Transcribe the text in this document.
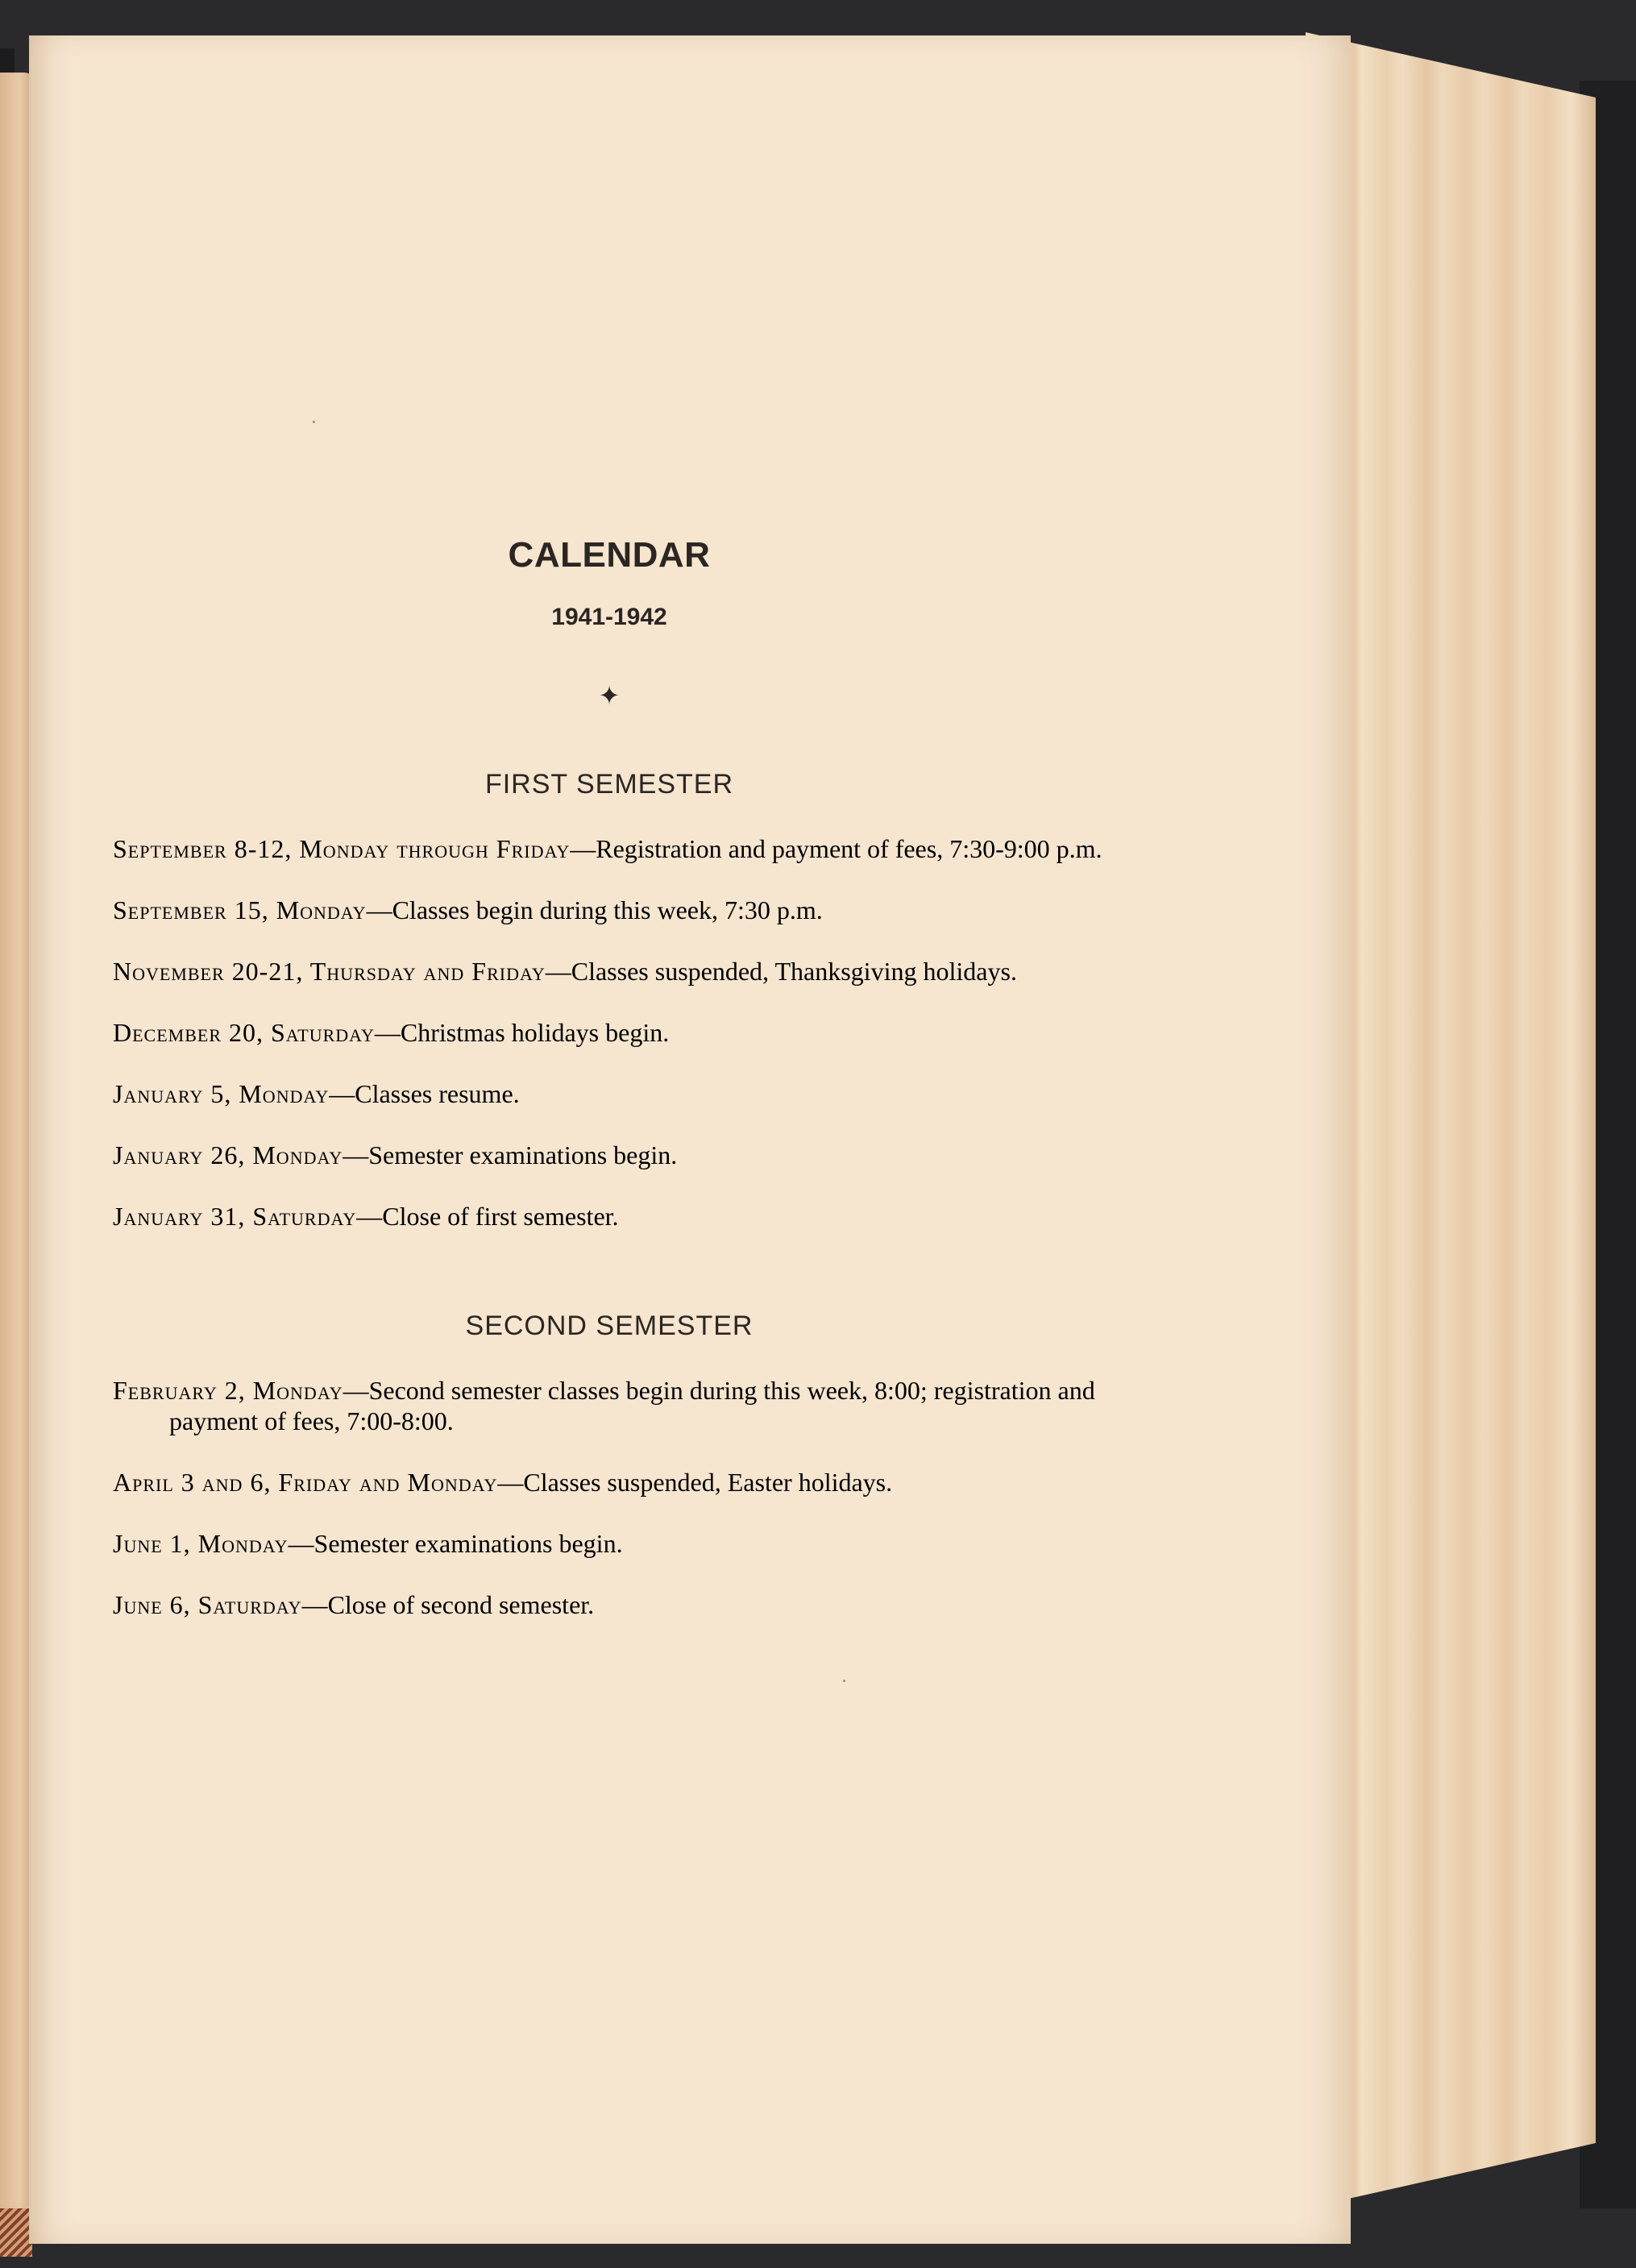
CALENDAR
1941-1942
✦
FIRST SEMESTER

September 8-12, Monday through Friday—Registration and payment of fees, 7:30-9:00 p.m.

September 15, Monday—Classes begin during this week, 7:30 p.m.

November 20-21, Thursday and Friday—Classes suspended, Thanksgiving holidays.

December 20, Saturday—Christmas holidays begin.

January 5, Monday—Classes resume.

January 26, Monday—Semester examinations begin.

January 31, Saturday—Close of first semester.

SECOND SEMESTER

February 2, Monday—Second semester classes begin during this week, 8:00; registration and payment of fees, 7:00-8:00.

April 3 and 6, Friday and Monday—Classes suspended, Easter holidays.

June 1, Monday—Semester examinations begin.

June 6, Saturday—Close of second semester.
